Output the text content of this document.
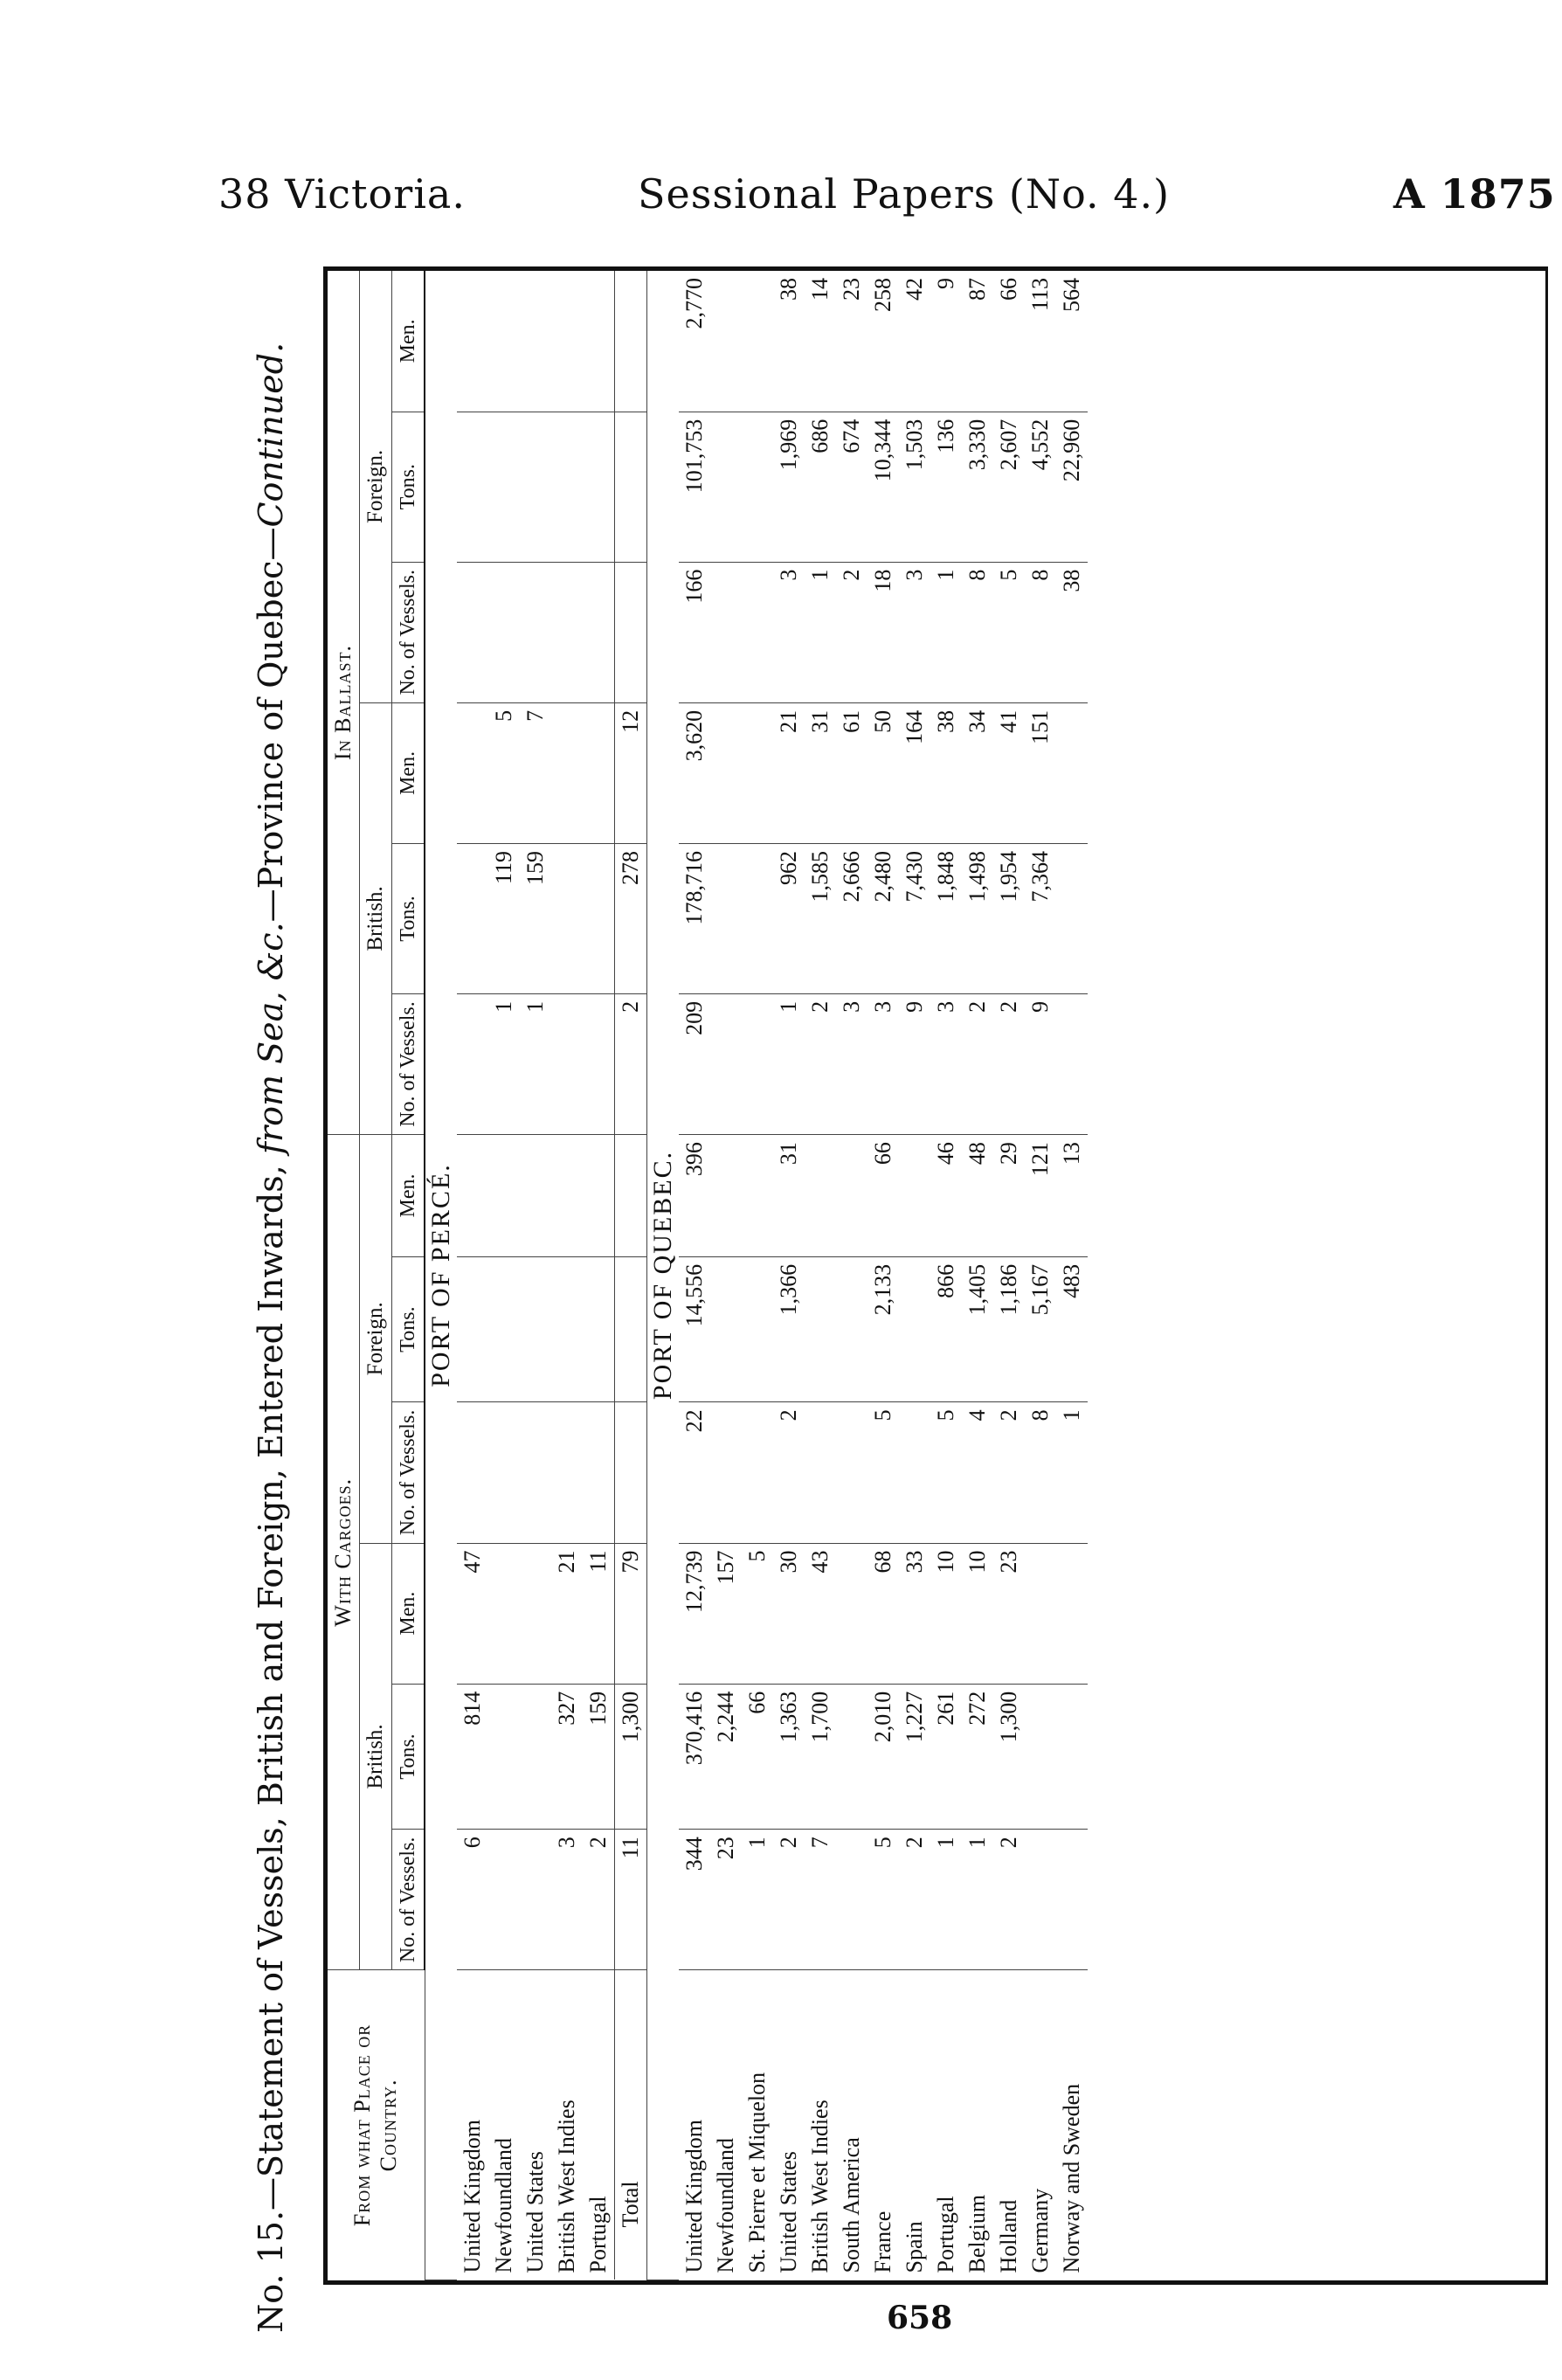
38 Victoria.	Sessional Papers (No. 4.)	A 1875
No. 15.—Statement of Vessels, British and Foreign, Entered Inwards, from Sea, &c.—Province of Quebec—Continued.
From what Place or Country.	With Cargoes.						In Ballast.					
	British.			Foreign.			British.			Foreign.		
	No. of Vessels.	Tons.	Men.	No. of Vessels.	Tons.	Men.	No. of Vessels.	Tons.	Men.	No. of Vessels.	Tons.	Men.
PORT OF PERCÉ.												
United Kingdom	6	814	47									
Newfoundland							1	119	5			
United States							1	159	7			
British West Indies	3	327	21									
Portugal	2	159	11									
Total	11	1,300	79				2	278	12			
PORT OF QUEBEC.												
United Kingdom	344	370,416	12,739	22	14,556	396	209	178,716	3,620	166	101,753	2,770
Newfoundland	23	2,244	157									
St. Pierre et Miquelon	1	66	5									
United States	2	1,363	30	2	1,366	31	1	962	21	3	1,969	38
British West Indies	7	1,700	43				2	1,585	31	1	686	14
South America							3	2,666	61	2	674	23
France	5	2,010	68	5	2,133	66	3	2,480	50	18	10,344	258
Spain	2	1,227	33				9	7,430	164	3	1,503	42
Portugal	1	261	10	5	866	46	3	1,848	38	1	136	9
Belgium	1	272	10	4	1,405	48	2	1,498	34	8	3,330	87
Holland	2	1,300	23	2	1,186	29	2	1,954	41	5	2,607	66
Germany				8	5,167	121	9	7,364	151	8	4,552	113
Norway and Sweden				1	483	13				38	22,960	564
658
